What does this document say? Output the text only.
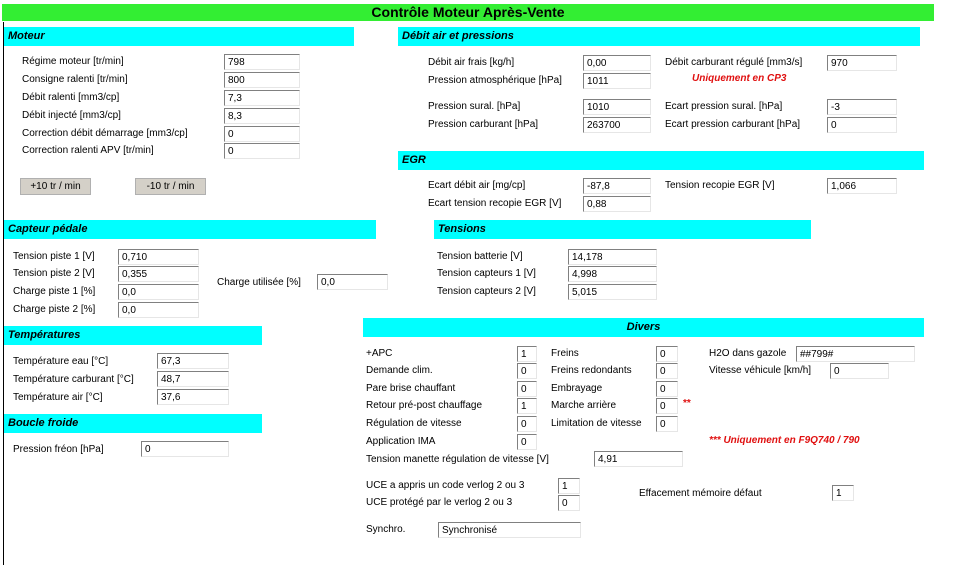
Contrôle Moteur Après-Vente
Moteur
Régime moteur [tr/min]	798
Consigne ralenti [tr/min]	800
Débit ralenti [mm3/cp]	7,3
Débit injecté [mm3/cp]	8,3
Correction débit démarrage [mm3/cp]	0
Correction ralenti APV [tr/min]	0
+10 tr / min	-10 tr / min
Débit air et pressions
Débit air frais [kg/h]	0,00
Pression atmosphérique [hPa]	1011
Pression sural. [hPa]	1010
Pression carburant [hPa]	263700
Débit carburant régulé [mm3/s]	970
Uniquement en CP3
Ecart pression sural. [hPa]	-3
Ecart pression carburant [hPa]	0
EGR
Ecart débit air [mg/cp]	-87,8
Ecart tension recopie EGR [V]	0,88
Tension recopie EGR [V]	1,066
Capteur pédale
Tension piste 1 [V]	0,710
Tension piste 2 [V]	0,355
Charge piste 1 [%]	0,0
Charge piste 2 [%]	0,0
Charge utilisée [%]	0,0
Tensions
Tension batterie [V]	14,178
Tension capteurs 1 [V]	4,998
Tension capteurs 2 [V]	5,015
Températures
Température eau [°C]	67,3
Température carburant [°C]	48,7
Température air [°C]	37,6
Boucle froide
Pression fréon [hPa]	0
Divers
+APC	1
Demande clim.	0
Pare brise chauffant	0
Retour pré-post chauffage	1
Régulation de vitesse	0
Application IMA	0
Freins	0
Freins redondants	0
Embrayage	0
Marche arrière	0	**
Limitation de vitesse	0
H2O dans gazole	##799#
Vitesse véhicule [km/h]	0
*** Uniquement en F9Q740 / 790
Tension manette régulation de vitesse [V]	4,91
UCE a appris un code verlog 2 ou 3	1
UCE protégé par le verlog 2 ou 3	0
Effacement mémoire défaut	1
Synchro.	Synchronisé
